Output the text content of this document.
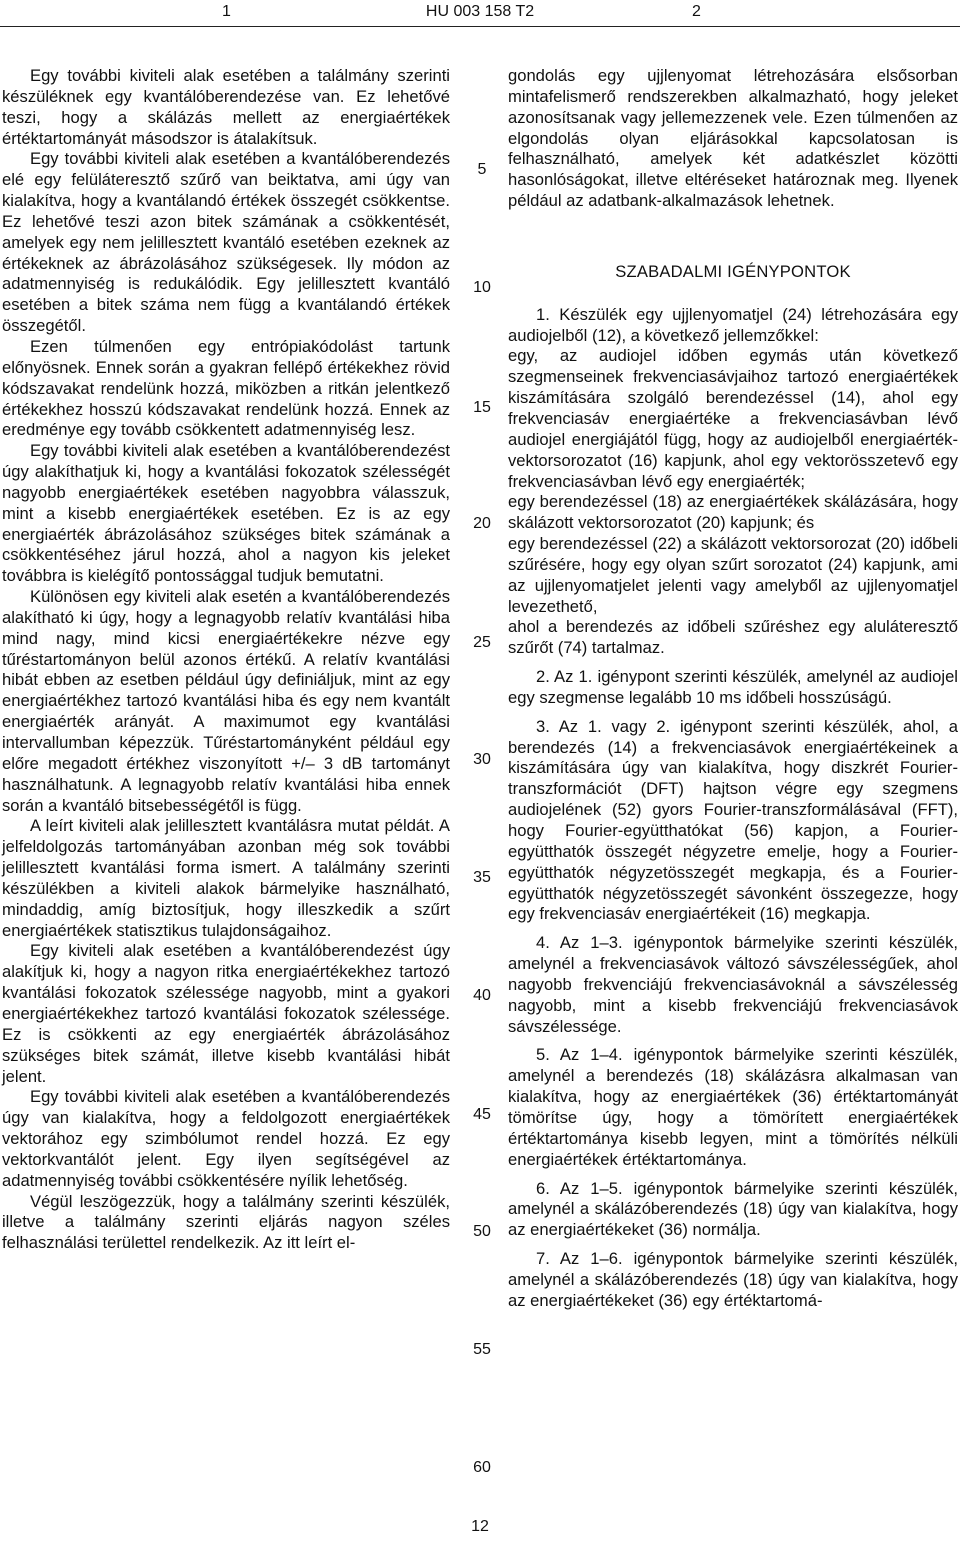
1	HU 003 158 T2	2

Egy további kiviteli alak esetében a találmány szerinti készüléknek egy kvantálóberendezése van. Ez lehetővé teszi, hogy a skálázás mellett az energiaértékek értéktartományát másodszor is átalakítsuk.

Egy további kiviteli alak esetében a kvantálóberendezés elé egy felüláteresztő szűrő van beiktatva, ami úgy van kialakítva, hogy a kvantálandó értékek összegét csökkentse. Ez lehetővé teszi azon bitek számának a csökkentését, amelyek egy nem jelillesztett kvantáló esetében ezeknek az értékeknek az ábrázolásához szükségesek. Ily módon az adatmennyiség is redukálódik. Egy jelillesztett kvantáló esetében a bitek száma nem függ a kvantálandó értékek összegétől.

Ezen túlmenően egy entrópiakódolást tartunk előnyösnek. Ennek során a gyakran fellépő értékekhez rövid kódszavakat rendelünk hozzá, miközben a ritkán jelentkező értékekhez hosszú kódszavakat rendelünk hozzá. Ennek az eredménye egy tovább csökkentett adatmennyiség lesz.

Egy további kiviteli alak esetében a kvantálóberendezést úgy alakíthatjuk ki, hogy a kvantálási fokozatok szélességét nagyobb energiaértékek esetében nagyobbra válasszuk, mint a kisebb energiaértékek esetében. Ez is az egy energiaérték ábrázolásához szükséges bitek számának a csökkentéséhez járul hozzá, ahol a nagyon kis jeleket továbbra is kielégítő pontossággal tudjuk bemutatni.

Különösen egy kiviteli alak esetén a kvantálóberendezés alakítható ki úgy, hogy a legnagyobb relatív kvantálási hiba mind nagy, mind kicsi energiaértékekre nézve egy tűréstartományon belül azonos értékű. A relatív kvantálási hibát ebben az esetben például úgy definiáljuk, mint az egy energiaértékhez tartozó kvantálási hiba és egy nem kvantált energiaérték arányát. A maximumot egy kvantálási intervallumban képezzük. Tűréstartományként például egy előre megadott értékhez viszonyított +/– 3 dB tartományt használhatunk. A legnagyobb relatív kvantálási hiba ennek során a kvantáló bitsebességétől is függ.

A leírt kiviteli alak jelillesztett kvantálásra mutat példát. A jelfeldolgozás tartományában azonban még sok további jelillesztett kvantálási forma ismert. A találmány szerinti készülékben a kiviteli alakok bármelyike használható, mindaddig, amíg biztosítjuk, hogy illeszkedik a szűrt energiaértékek statisztikus tulajdonságaihoz.

Egy kiviteli alak esetében a kvantálóberendezést úgy alakítjuk ki, hogy a nagyon ritka energiaértékekhez tartozó kvantálási fokozatok szélessége nagyobb, mint a gyakori energiaértékekhez tartozó kvantálási fokozatok szélessége. Ez is csökkenti az egy energiaérték ábrázolásához szükséges bitek számát, illetve kisebb kvantálási hibát jelent.

Egy további kiviteli alak esetében a kvantálóberendezés úgy van kialakítva, hogy a feldolgozott energiaértékek vektorához egy szimbólumot rendel hozzá. Ez egy vektorkvantálót jelent. Egy ilyen segítségével az adatmennyiség további csökkentésére nyílik lehetőség.

Végül leszögezzük, hogy a találmány szerinti készülék, illetve a találmány szerinti eljárás nagyon széles felhasználási területtel rendelkezik. Az itt leírt el-

5
10
15
20
25
30
35
40
45
50
55
60

gondolás egy ujjlenyomat létrehozására elsősorban mintafelismerő rendszerekben alkalmazható, hogy jeleket azonosítsanak vagy jellemezzenek vele. Ezen túlmenően az elgondolás olyan eljárásokkal kapcsolatosan is felhasználható, amelyek két adatkészlet közötti hasonlóságokat, illetve eltéréseket határoznak meg. Ilyenek például az adatbank-alkalmazások lehetnek.

SZABADALMI IGÉNYPONTOK

1. Készülék egy ujjlenyomatjel (24) létrehozására egy audiojelből (12), a következő jellemzőkkel:

egy, az audiojel időben egymás után következő szegmenseinek frekvenciasávjaihoz tartozó energiaértékek kiszámítására szolgáló berendezéssel (14), ahol egy frekvenciasáv energiaértéke a frekvenciasávban lévő audiojel energiájától függ, hogy az audiojelből energiaérték-vektorsorozatot (16) kapjunk, ahol egy vektorösszetevő egy frekvenciasávban lévő egy energiaérték;

egy berendezéssel (18) az energiaértékek skálázására, hogy skálázott vektorsorozatot (20) kapjunk; és

egy berendezéssel (22) a skálázott vektorsorozat (20) időbeli szűrésére, hogy egy olyan szűrt sorozatot (24) kapjunk, ami az ujjlenyomatjelet jelenti vagy amelyből az ujjlenyomatjel levezethető,

ahol a berendezés az időbeli szűréshez egy aluláteresztő szűrőt (74) tartalmaz.

2. Az 1. igénypont szerinti készülék, amelynél az audiojel egy szegmense legalább 10 ms időbeli hosszúságú.

3. Az 1. vagy 2. igénypont szerinti készülék, ahol, a berendezés (14) a frekvenciasávok energiaértékeinek a kiszámítására úgy van kialakítva, hogy diszkrét Fourier-transzformációt (DFT) hajtson végre egy szegmens audiojelének (52) gyors Fourier-transzformálásával (FFT), hogy Fourier-együtthatókat (56) kapjon, a Fourier-együtthatók összegét négyzetre emelje, hogy a Fourier-együtthatók négyzetösszegét megkapja, és a Fourier-együtthatók négyzetösszegét sávonként összegezze, hogy egy frekvenciasáv energiaértékeit (16) megkapja.

4. Az 1–3. igénypontok bármelyike szerinti készülék, amelynél a frekvenciasávok változó sávszélességűek, ahol nagyobb frekvenciájú frekvenciasávoknál a sávszélesség nagyobb, mint a kisebb frekvenciájú frekvenciasávok sávszélessége.

5. Az 1–4. igénypontok bármelyike szerinti készülék, amelynél a berendezés (18) skálázásra alkalmasan van kialakítva, hogy az energiaértékek (36) értéktartományát tömörítse úgy, hogy a tömörített energiaértékek értéktartománya kisebb legyen, mint a tömörítés nélküli energiaértékek értéktartománya.

6. Az 1–5. igénypontok bármelyike szerinti készülék, amelynél a skálázóberendezés (18) úgy van kialakítva, hogy az energiaértékeket (36) normálja.

7. Az 1–6. igénypontok bármelyike szerinti készülék, amelynél a skálázóberendezés (18) úgy van kialakítva, hogy az energiaértékeket (36) egy értéktartomá-

12
